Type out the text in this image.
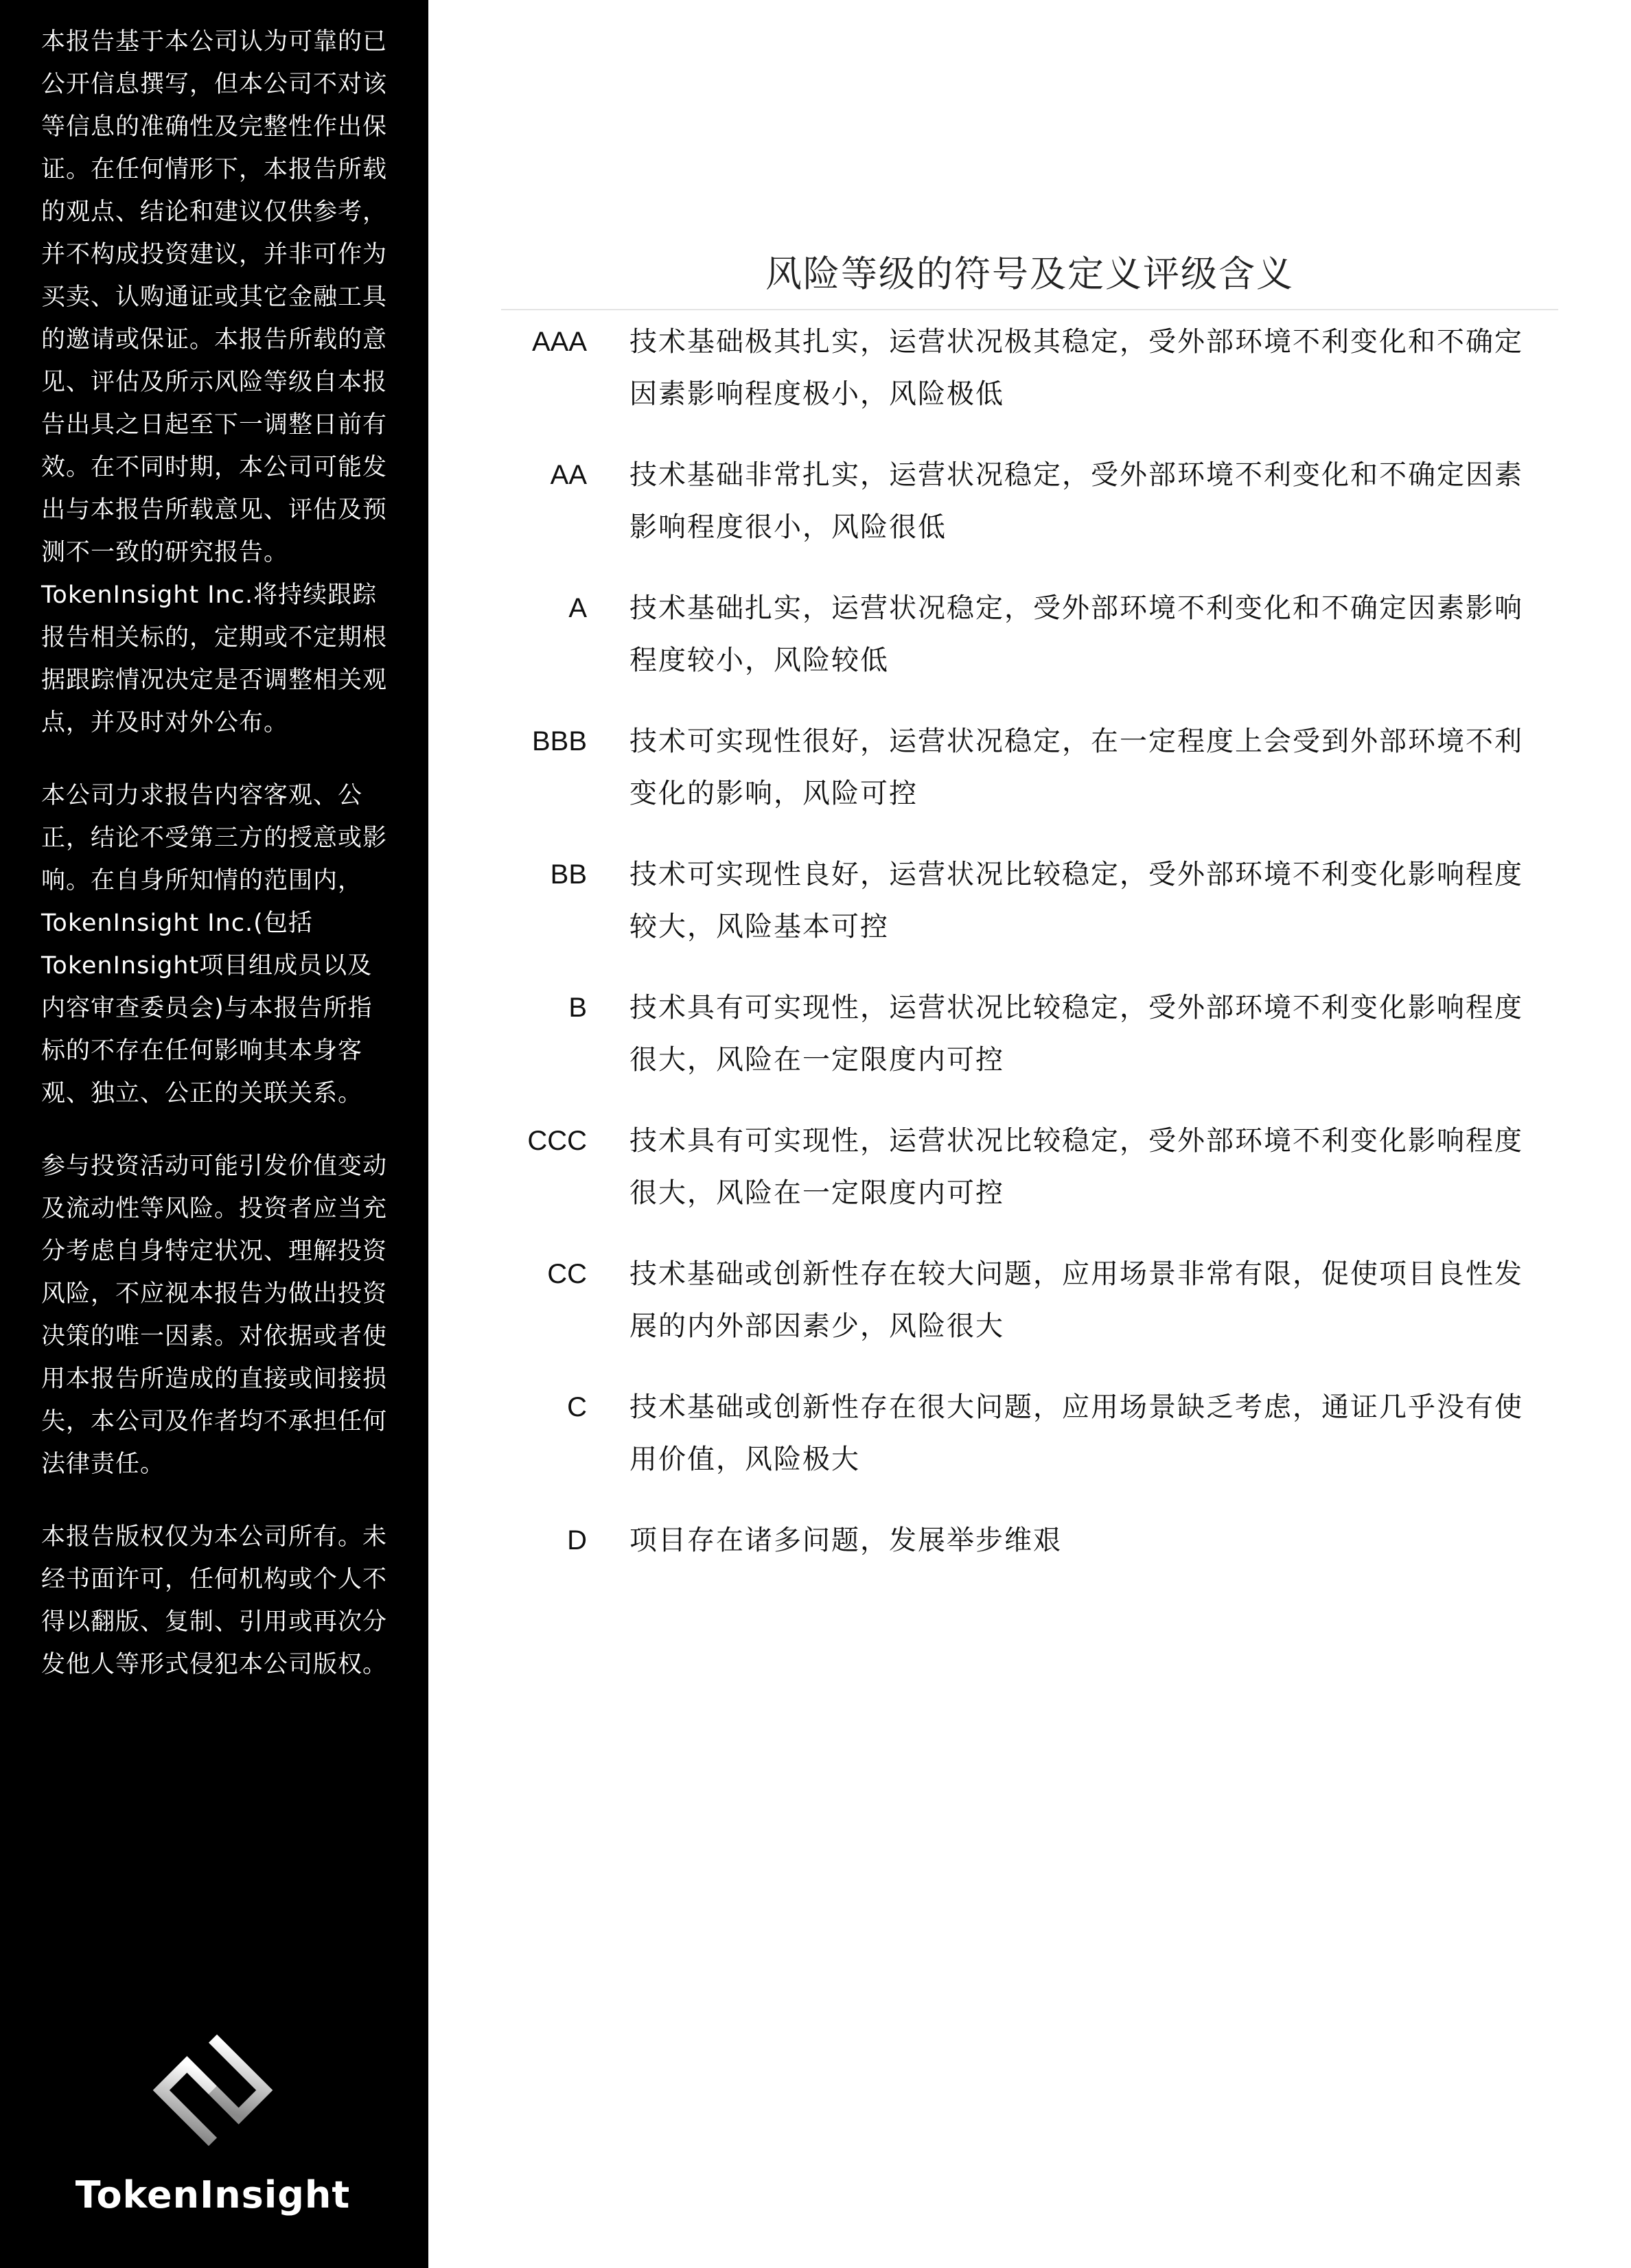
本报告基于本公司认为可靠的已公开信息撰写，但本公司不对该等信息的准确性及完整性作出保证。在任何情形下，本报告所载的观点、结论和建议仅供参考，并不构成投资建议，并非可作为买卖、认购通证或其它金融工具的邀请或保证。本报告所载的意见、评估及所示风险等级自本报告出具之日起至下一调整日前有效。在不同时期，本公司可能发出与本报告所载意见、评估及预测不一致的研究报告。TokenInsight Inc.将持续跟踪报告相关标的，定期或不定期根据跟踪情况决定是否调整相关观点，并及时对外公布。

本公司力求报告内容客观、公正，结论不受第三方的授意或影响。在自身所知情的范围内，TokenInsight Inc.(包括TokenInsight项目组成员以及内容审查委员会)与本报告所指标的不存在任何影响其本身客观、独立、公正的关联关系。

参与投资活动可能引发价值变动及流动性等风险。投资者应当充分考虑自身特定状况、理解投资风险，不应视本报告为做出投资决策的唯一因素。对依据或者使用本报告所造成的直接或间接损失，本公司及作者均不承担任何法律责任。

本报告版权仅为本公司所有。未经书面许可，任何机构或个人不得以翻版、复制、引用或再次分发他人等形式侵犯本公司版权。

TokenInsight
风险等级的符号及定义评级含义
AAA 技术基础极其扎实，运营状况极其稳定，受外部环境不利变化和不确定因素影响程度极小，风险极低
AA 技术基础非常扎实，运营状况稳定，受外部环境不利变化和不确定因素影响程度很小，风险很低
A 技术基础扎实，运营状况稳定，受外部环境不利变化和不确定因素影响程度较小，风险较低
BBB 技术可实现性很好，运营状况稳定，在一定程度上会受到外部环境不利变化的影响，风险可控
BB 技术可实现性良好，运营状况比较稳定，受外部环境不利变化影响程度较大，风险基本可控
B 技术具有可实现性，运营状况比较稳定，受外部环境不利变化影响程度很大，风险在一定限度内可控
CCC 技术具有可实现性，运营状况比较稳定，受外部环境不利变化影响程度很大，风险在一定限度内可控
CC 技术基础或创新性存在较大问题，应用场景非常有限，促使项目良性发展的内外部因素少，风险很大
C 技术基础或创新性存在很大问题，应用场景缺乏考虑，通证几乎没有使用价值，风险极大
D 项目存在诸多问题，发展举步维艰
